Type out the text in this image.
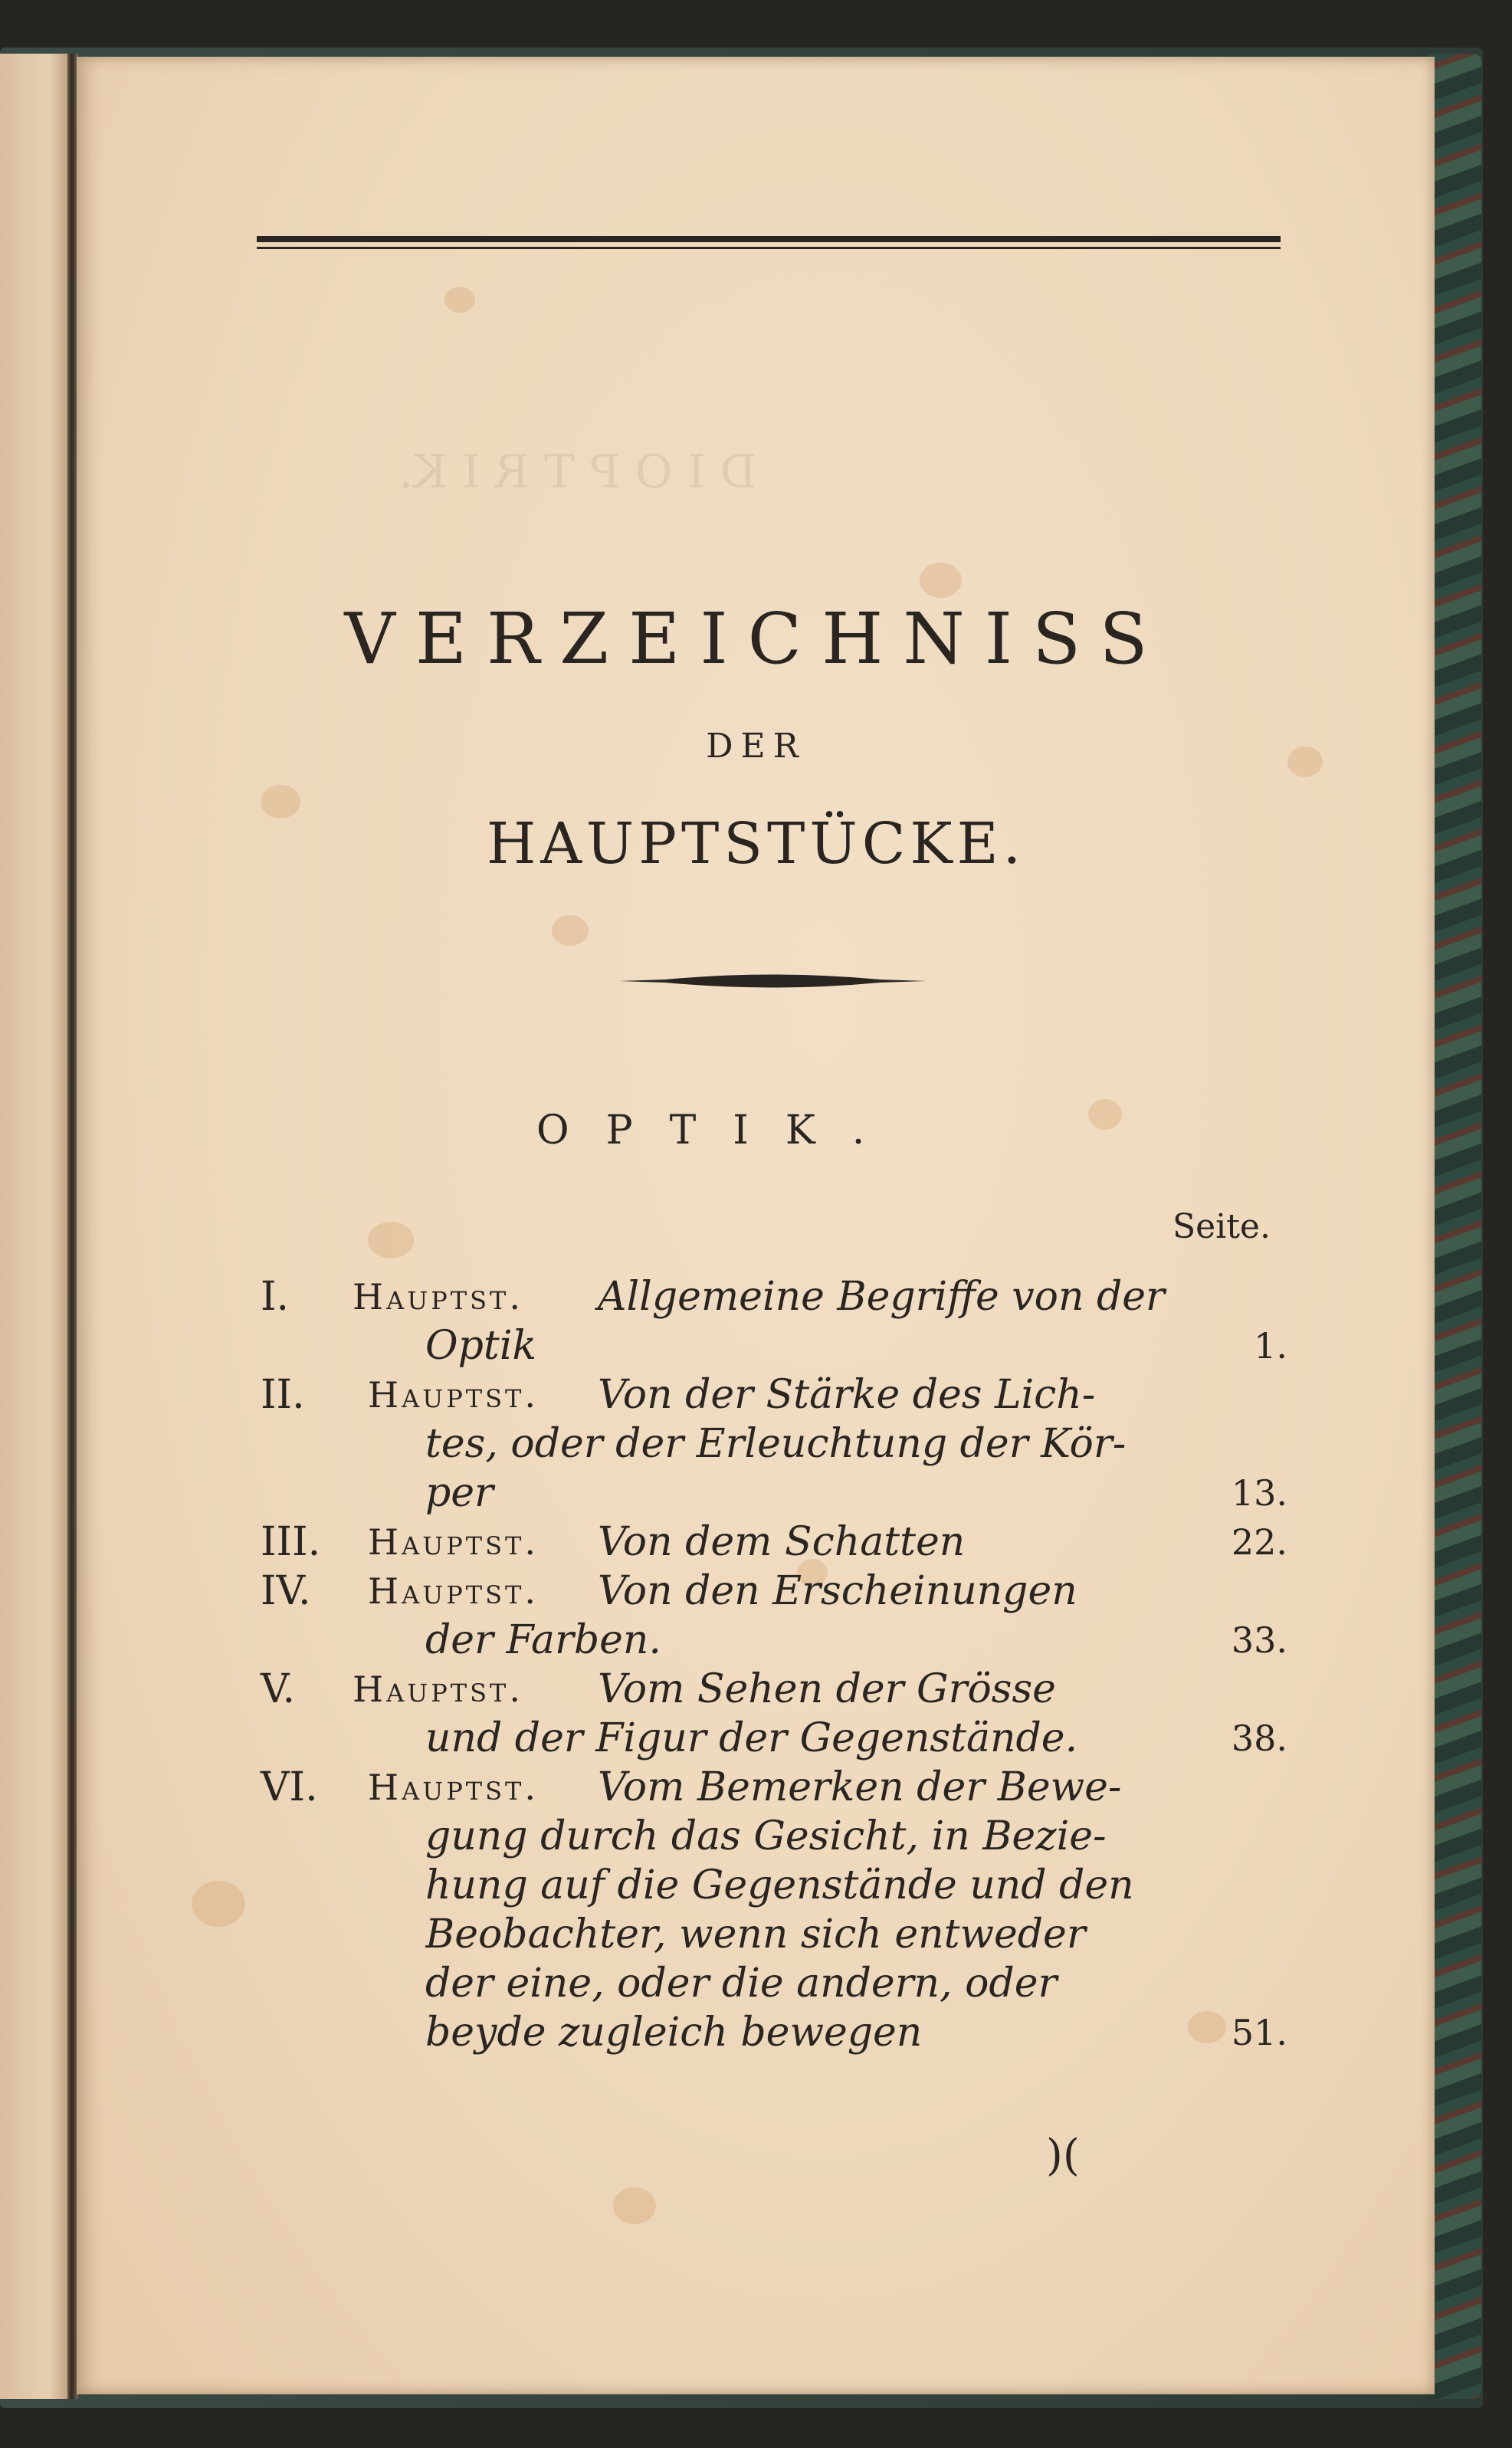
D I O P T R I K.
VERZEICHNISS
DER
HAUPTSTÜCKE.
OPTIK.
Seite.
I.	Hauptst. Allgemeine Begriffe von der
Optik	1.
II.	Hauptst. Von der Stärke des Lich-
tes, oder der Erleuchtung der Kör-
per	13.
III.	Hauptst. Von dem Schatten	22.
IV.	Hauptst. Von den Erscheinungen
der Farben.	33.
V.	Hauptst. Vom Sehen der Grösse
und der Figur der Gegenstände.	38.
VI.	Hauptst. Vom Bemerken der Bewe-
gung durch das Gesicht, in Bezie-
hung auf die Gegenstände und den
Beobachter, wenn sich entweder
der eine, oder die andern, oder
beyde zugleich bewegen	51.
)(
